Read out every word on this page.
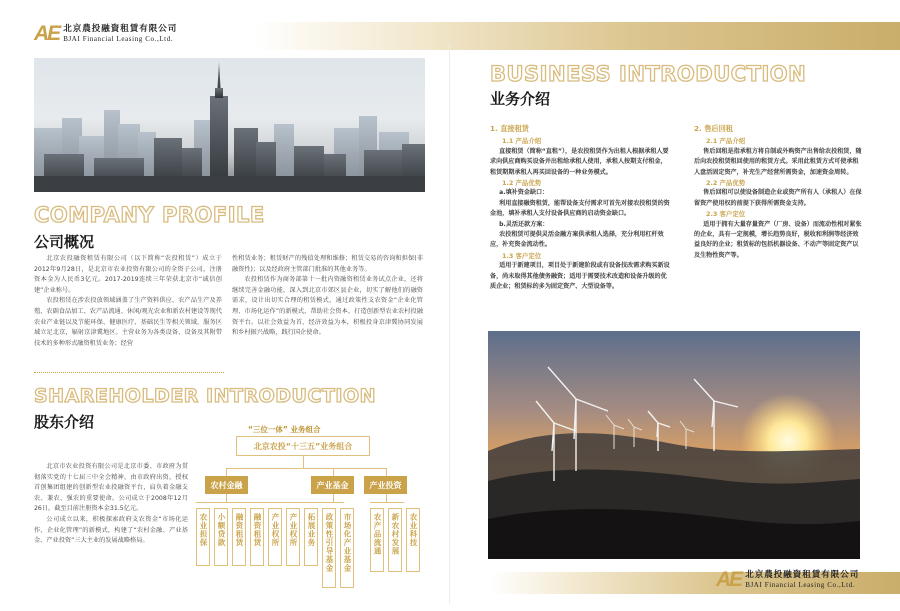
AE 北京農投融資租賃有限公司
BJAI Financial Leasing Co.,Ltd.
COMPANY PROFILE
公司概况

北京农投融资租赁有限公司（以下简称“农投租赁”）成立于2012年9月28日，是北京市农业投资有限公司的全资子公司，注册资本金为人民币3亿元。2017-2019连续三年荣获北京市“诚信创建”企业称号。

农投租赁在涉农投放领域涵盖了生产资料供应、农产品生产及养殖、农副食品加工、农产品流通、休闲/观光农业和新农村建设等现代农业产业链以及节能环保、健康医疗、基础民生等相关领域，服务区域立足北京，辐射京津冀地区。主营业务为各类设备、设备及其附带技术的多种形式融资租赁业务；经营

性租赁业务；租赁财产的残值处理和维修；租赁交易的咨询和担保(非融资性)；以及经政府主管部门批准的其他业务等。

农投租赁作为商务部第十一批内资融资租赁业务试点企业，还将继续完善金融功能，深入到北京市郊区县企业，切实了解他们的融资需求，设计出切实合理的租赁模式，通过政策性支农资金“企业化管理、市场化运作”的新模式，帮助社会资本，打造创新型农业农村投融资平台。以社会效益为首，经济效益为本，积极投身京津冀协同发展和乡村振兴战略，践行国企使命。

SHAREHOLDER INTRODUCTION
股东介绍

北京市农业投资有限公司是北京市委、市政府为贯彻落实党的十七届三中全会精神，由市政府出资，授权首创集团组建的创新型农业投融资平台，肩负着金融支农、兼农、强农的重要使命。公司成立于2008年12月26日，截至目前注册资本金31.5亿元。

公司成立以来，积极探索政府支农资金“市场化运作、企业化管理”的新模式，构建了“农村金融、产业基金、产业投资”三大主业的发展战略格局。

“三位一体” 业务组合
北京农投“十三五”业务组合
农村金融	产业基金	产业投资
农业担保	小额贷款	融资租赁	融资租赁	产业权所	产业权所	拓展业务	政策性引导基金	市场化产业基金	农产品流通	新农村发展	农业科技
BUSINESS INTRODUCTION
业务介绍
1. 直接租赁
1.1 产品介绍
直接租赁（简称“直租”），是农投租赁作为出租人根据承租人要求向供应商购买设备并出租给承租人使用，承租人按期支付租金，租赁期期承租人再买回设备的一种业务模式。
1.2 产品优势
a.填补资金缺口：
利用直接融资租赁，能帮设备支付需求可首先对接农投租赁的资金池，填补承租人支付设备供应商的启动资金缺口。
b.灵活还款方案：
农投租赁可提供灵活金融方案供承租人选择，充分利用杠杆效应，补充资金流动性。
1.3 客户定位
适用于新建项目，项目处于新建阶段或有设备技改需求购买新设备，尚未取得其他债务融资；适用于需要技术改造和设备升级的优质企业；租赁标的多为固定资产、大型设备等。
2. 售后回租
2.1 产品介绍
售后回租是指承租方将自制或外购资产出售给农投租赁，随后向农投租赁租回使用的租赁方式。采用此租赁方式可使承租人盘活固定资产，补充生产经营所需资金，加速资金周转。
2.2 产品优势
售后回租可以使设备制造企业或资产所有人（承租人）在保留资产使用权的前提下获得所需资金支持。
2.3 客户定位
适用于拥有大量存量资产（厂房、设备）而流动性相对紧张的企业，具有一定规模，增长趋势良好，税收和利润等经济效益良好的企业；租赁标的包括机器设备、不动产等固定资产以及生物性资产等。
AE 北京農投融資租賃有限公司
BJAI Financial Leasing Co.,Ltd.
